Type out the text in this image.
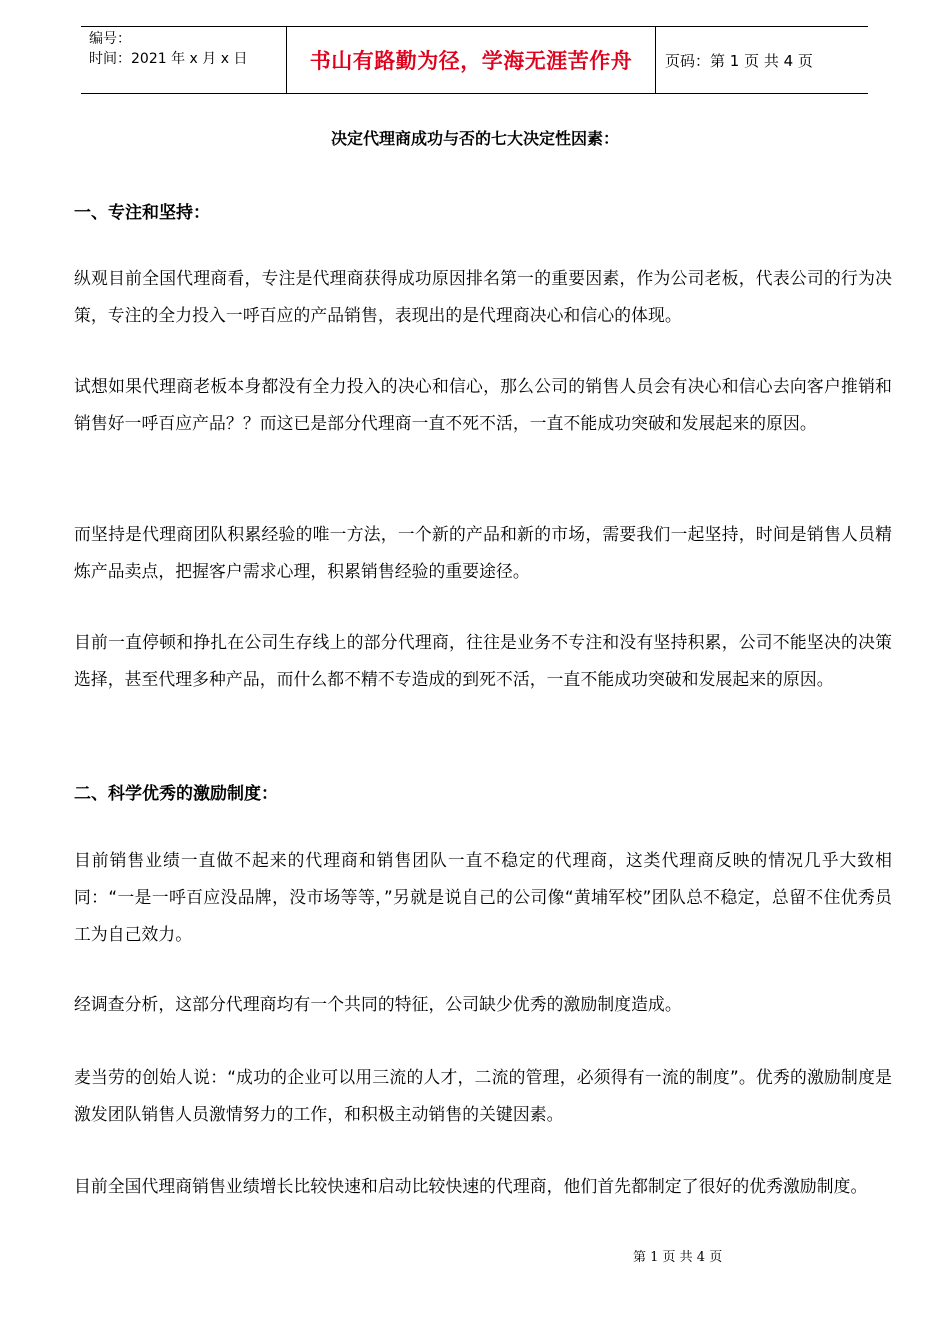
编号：
时间：2021 年 x 月 x 日	书山有路勤为径，学海无涯苦作舟	页码：第 1 页 共 4 页
决定代理商成功与否的七大决定性因素：
一、专注和坚持：
纵观目前全国代理商看，专注是代理商获得成功原因排名第一的重要因素，作为公司老板，代表公司的行为决策，专注的全力投入一呼百应的产品销售，表现出的是代理商决心和信心的体现。
试想如果代理商老板本身都没有全力投入的决心和信心，那么公司的销售人员会有决心和信心去向客户推销和销售好一呼百应产品？？而这已是部分代理商一直不死不活，一直不能成功突破和发展起来的原因。
而坚持是代理商团队积累经验的唯一方法，一个新的产品和新的市场，需要我们一起坚持，时间是销售人员精炼产品卖点，把握客户需求心理，积累销售经验的重要途径。
目前一直停顿和挣扎在公司生存线上的部分代理商，往往是业务不专注和没有坚持积累，公司不能坚决的决策选择，甚至代理多种产品，而什么都不精不专造成的到死不活，一直不能成功突破和发展起来的原因。
二、科学优秀的激励制度：
目前销售业绩一直做不起来的代理商和销售团队一直不稳定的代理商，这类代理商反映的情况几乎大致相同：“一是一呼百应没品牌，没市场等等，”另就是说自己的公司像“黄埔军校”团队总不稳定，总留不住优秀员工为自己效力。
经调查分析，这部分代理商均有一个共同的特征，公司缺少优秀的激励制度造成。
麦当劳的创始人说：“成功的企业可以用三流的人才，二流的管理，必须得有一流的制度”。优秀的激励制度是激发团队销售人员激情努力的工作，和积极主动销售的关键因素。
目前全国代理商销售业绩增长比较快速和启动比较快速的代理商，他们首先都制定了很好的优秀激励制度。
第 1 页 共 4 页
